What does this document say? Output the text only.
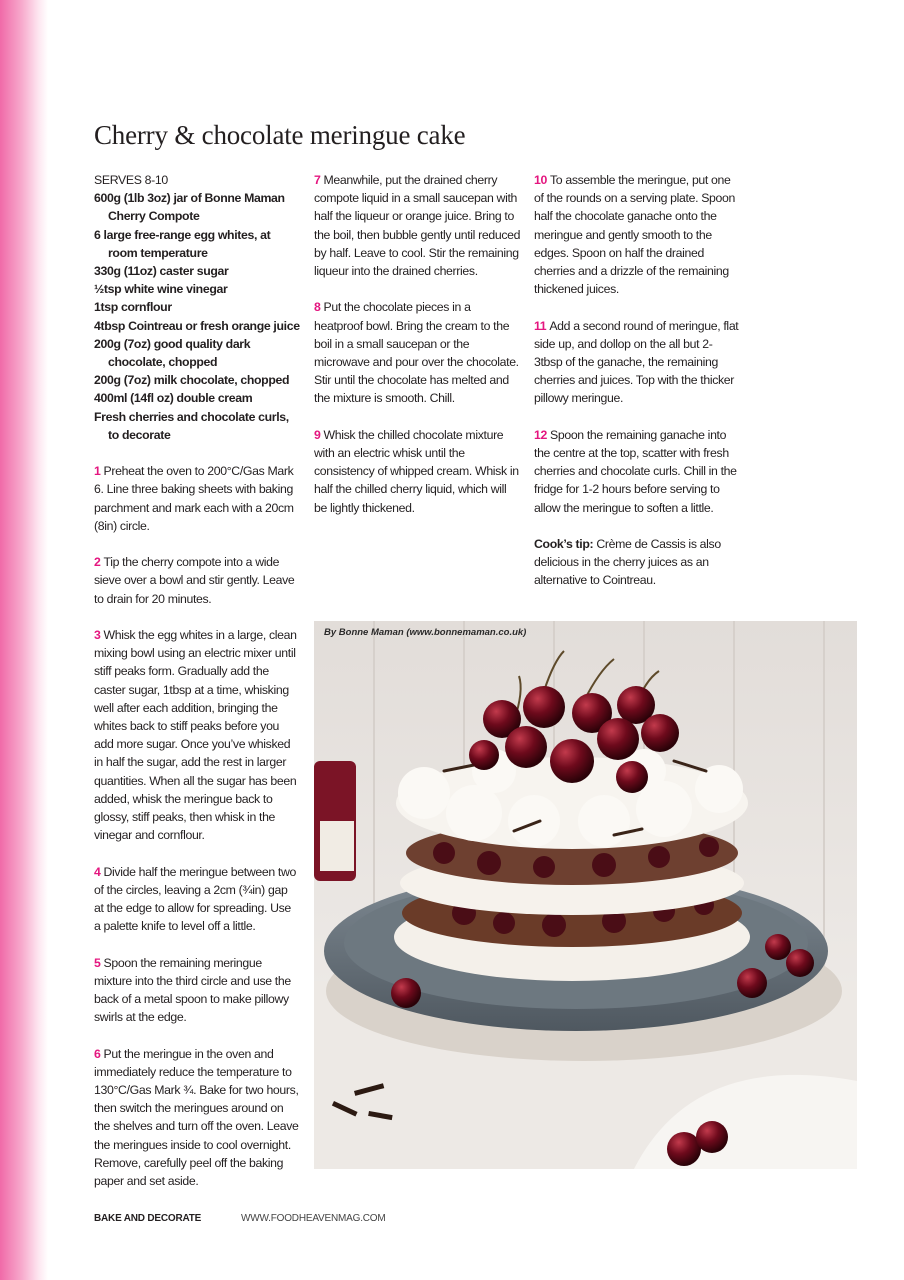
Cherry & chocolate meringue cake

SERVES 8-10

600g (1lb 3oz) jar of Bonne Maman Cherry Compote
6 large free-range egg whites, at room temperature
330g (11oz) caster sugar
½tsp white wine vinegar
1tsp cornflour
4tbsp Cointreau or fresh orange juice
200g (7oz) good quality dark chocolate, chopped
200g (7oz) milk chocolate, chopped
400ml (14fl oz) double cream
Fresh cherries and chocolate curls, to decorate

1 Preheat the oven to 200°C/Gas Mark 6. Line three baking sheets with baking parchment and mark each with a 20cm (8in) circle.

2 Tip the cherry compote into a wide sieve over a bowl and stir gently. Leave to drain for 20 minutes.

3 Whisk the egg whites in a large, clean mixing bowl using an electric mixer until stiff peaks form. Gradually add the caster sugar, 1tbsp at a time, whisking well after each addition, bringing the whites back to stiff peaks before you add more sugar. Once you’ve whisked in half the sugar, add the rest in larger quantities. When all the sugar has been added, whisk the meringue back to glossy, stiff peaks, then whisk in the vinegar and cornflour.

4 Divide half the meringue between two of the circles, leaving a 2cm (¾in) gap at the edge to allow for spreading. Use a palette knife to level off a little.

5 Spoon the remaining meringue mixture into the third circle and use the back of a metal spoon to make pillowy swirls at the edge.

6 Put the meringue in the oven and immediately reduce the temperature to 130°C/Gas Mark ¾. Bake for two hours, then switch the meringues around on the shelves and turn off the oven. Leave the meringues inside to cool overnight. Remove, carefully peel off the baking paper and set aside.

7 Meanwhile, put the drained cherry compote liquid in a small saucepan with half the liqueur or orange juice. Bring to the boil, then bubble gently until reduced by half. Leave to cool. Stir the remaining liqueur into the drained cherries.

8 Put the chocolate pieces in a heatproof bowl. Bring the cream to the boil in a small saucepan or the microwave and pour over the chocolate. Stir until the chocolate has melted and the mixture is smooth. Chill.

9 Whisk the chilled chocolate mixture with an electric whisk until the consistency of whipped cream. Whisk in half the chilled cherry liquid, which will be lightly thickened.

10 To assemble the meringue, put one of the rounds on a serving plate. Spoon half the chocolate ganache onto the meringue and gently smooth to the edges. Spoon on half the drained cherries and a drizzle of the remaining thickened juices.

11 Add a second round of meringue, flat side up, and dollop on the all but 2-3tbsp of the ganache, the remaining cherries and juices. Top with the thicker pillowy meringue.

12 Spoon the remaining ganache into the centre at the top, scatter with fresh cherries and chocolate curls. Chill in the fridge for 1-2 hours before serving to allow the meringue to soften a little.

Cook’s tip: Crème de Cassis is also delicious in the cherry juices as an alternative to Cointreau.

By Bonne Maman (www.bonnemaman.co.uk)
BAKE AND DECORATE	WWW.FOODHEAVENMAG.COM
